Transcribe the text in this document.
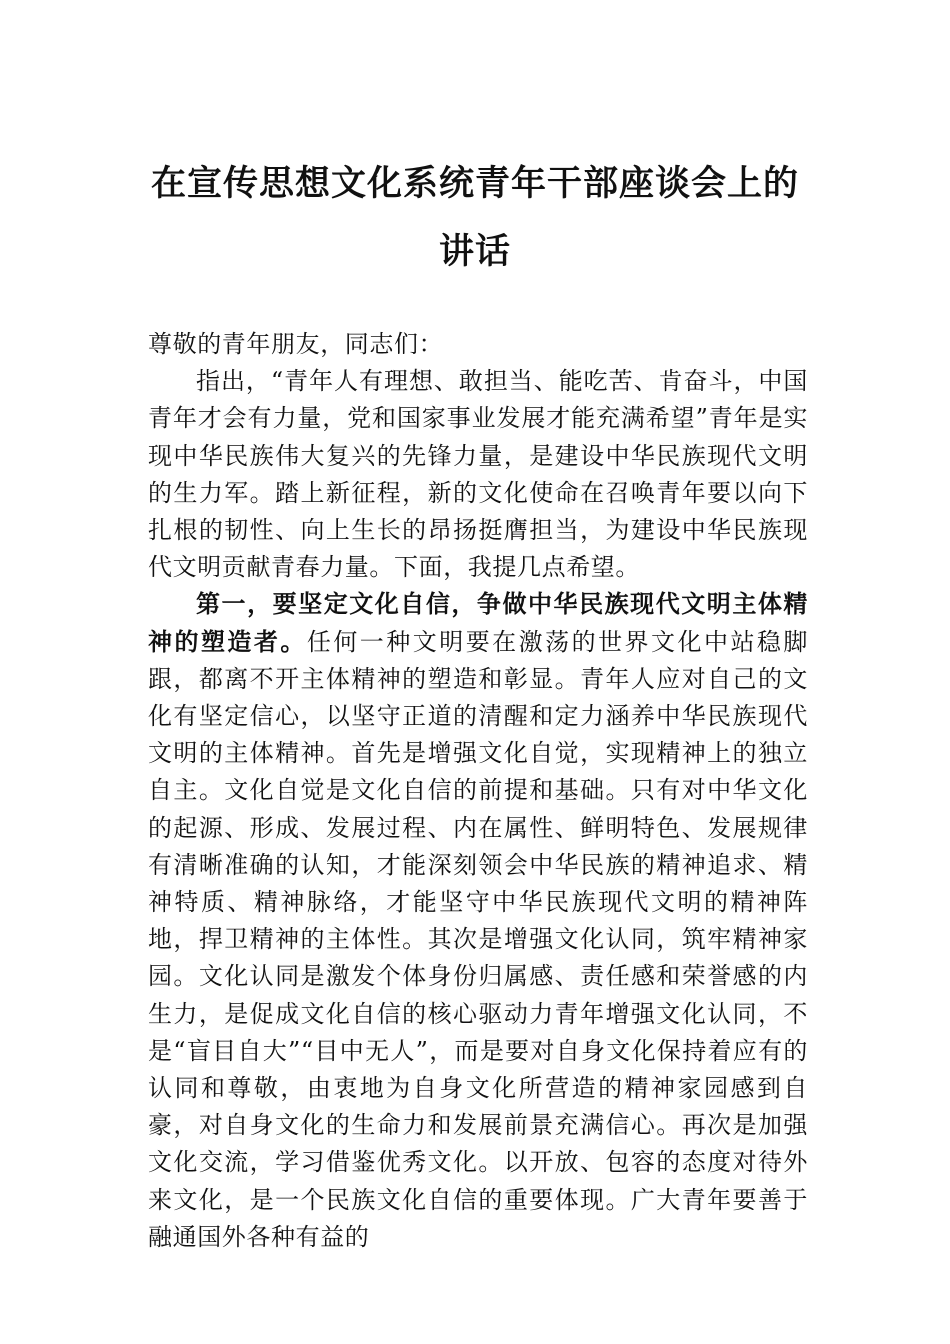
在宣传思想文化系统青年干部座谈会上的
讲话

尊敬的青年朋友，同志们：

指出，“青年人有理想、敢担当、能吃苦、肯奋斗，中国青年才会有力量，党和国家事业发展才能充满希望”青年是实现中华民族伟大复兴的先锋力量，是建设中华民族现代文明的生力军。踏上新征程，新的文化使命在召唤青年要以向下扎根的韧性、向上生长的昂扬挺膺担当，为建设中华民族现代文明贡献青春力量。下面，我提几点希望。

第一，要坚定文化自信，争做中华民族现代文明主体精神的塑造者。任何一种文明要在激荡的世界文化中站稳脚跟，都离不开主体精神的塑造和彰显。青年人应对自己的文化有坚定信心，以坚守正道的清醒和定力涵养中华民族现代文明的主体精神。首先是增强文化自觉，实现精神上的独立自主。文化自觉是文化自信的前提和基础。只有对中华文化的起源、形成、发展过程、内在属性、鲜明特色、发展规律有清晰准确的认知，才能深刻领会中华民族的精神追求、精神特质、精神脉络，才能坚守中华民族现代文明的精神阵地，捍卫精神的主体性。其次是增强文化认同，筑牢精神家园。文化认同是激发个体身份归属感、责任感和荣誉感的内生力，是促成文化自信的核心驱动力青年增强文化认同，不是“盲目自大”“目中无人”，而是要对自身文化保持着应有的认同和尊敬，由衷地为自身文化所营造的精神家园感到自豪，对自身文化的生命力和发展前景充满信心。再次是加强文化交流，学习借鉴优秀文化。以开放、包容的态度对待外来文化，是一个民族文化自信的重要体现。广大青年要善于融通国外各种有益的
